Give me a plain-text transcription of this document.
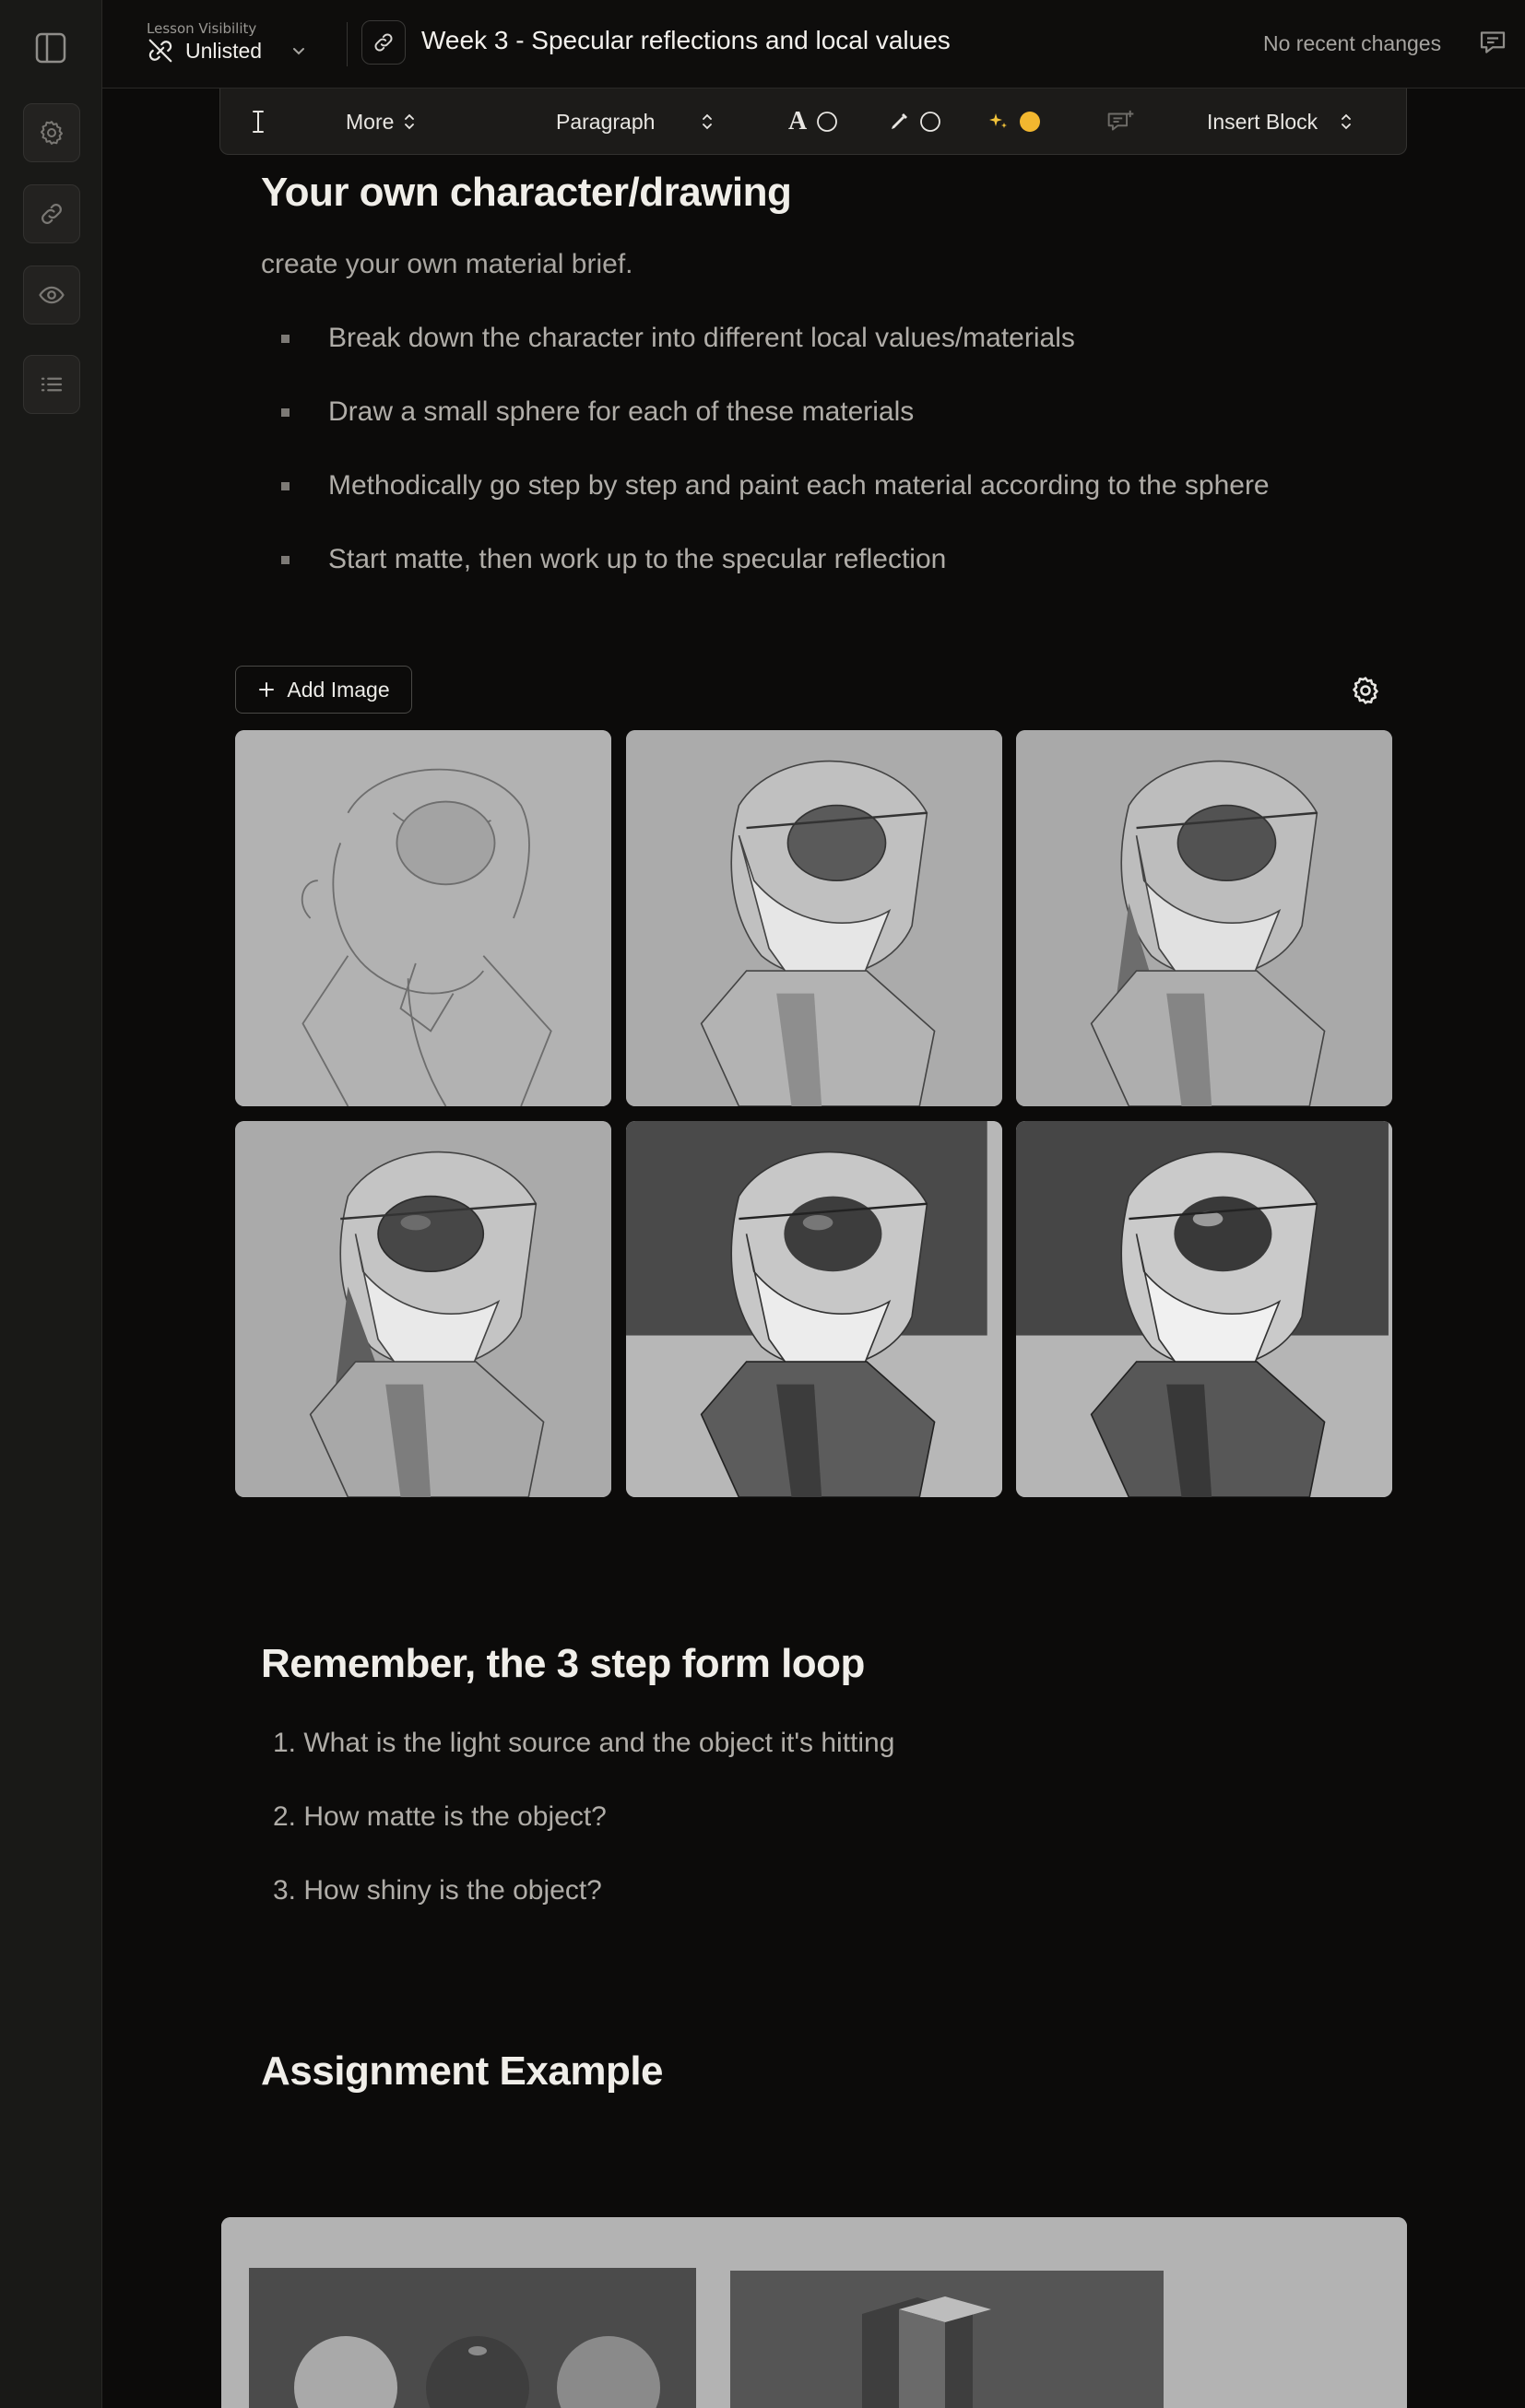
Lesson Visibility
Unlisted	Week 3 - Specular reflections and local values	No recent changes
More	Paragraph	A	Insert Block
Your own character/drawing
create your own material brief.
Break down the character into different local values/materials
Draw a small sphere for each of these materials
Methodically go step by step and paint each material according to the sphere
Start matte, then work up to the specular reflection
Add Image
Remember, the 3 step form loop
1. What is the light source and the object it's hitting
2. How matte is the object?
3. How shiny is the object?
Assignment Example
